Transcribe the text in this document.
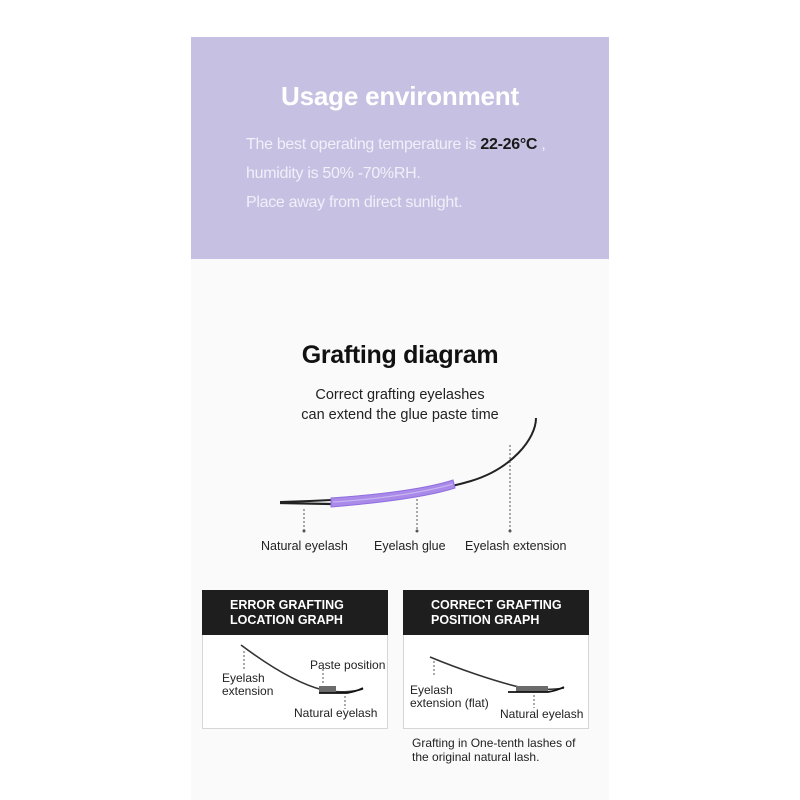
Usage environment
The best operating temperature is 22-26°C ,
humidity is 50% -70%RH.
Place away from direct sunlight.
Grafting diagram
Correct grafting eyelashes
can extend the glue paste time
Natural eyelash Eyelash glue Eyelash extension
ERROR GRAFTING
LOCATION GRAPH
Eyelash
extension
Paste position
Natural eyelash
CORRECT GRAFTING
POSITION GRAPH
Eyelash
extension (flat)
Natural eyelash
Grafting in One-tenth lashes of
the original natural lash.
